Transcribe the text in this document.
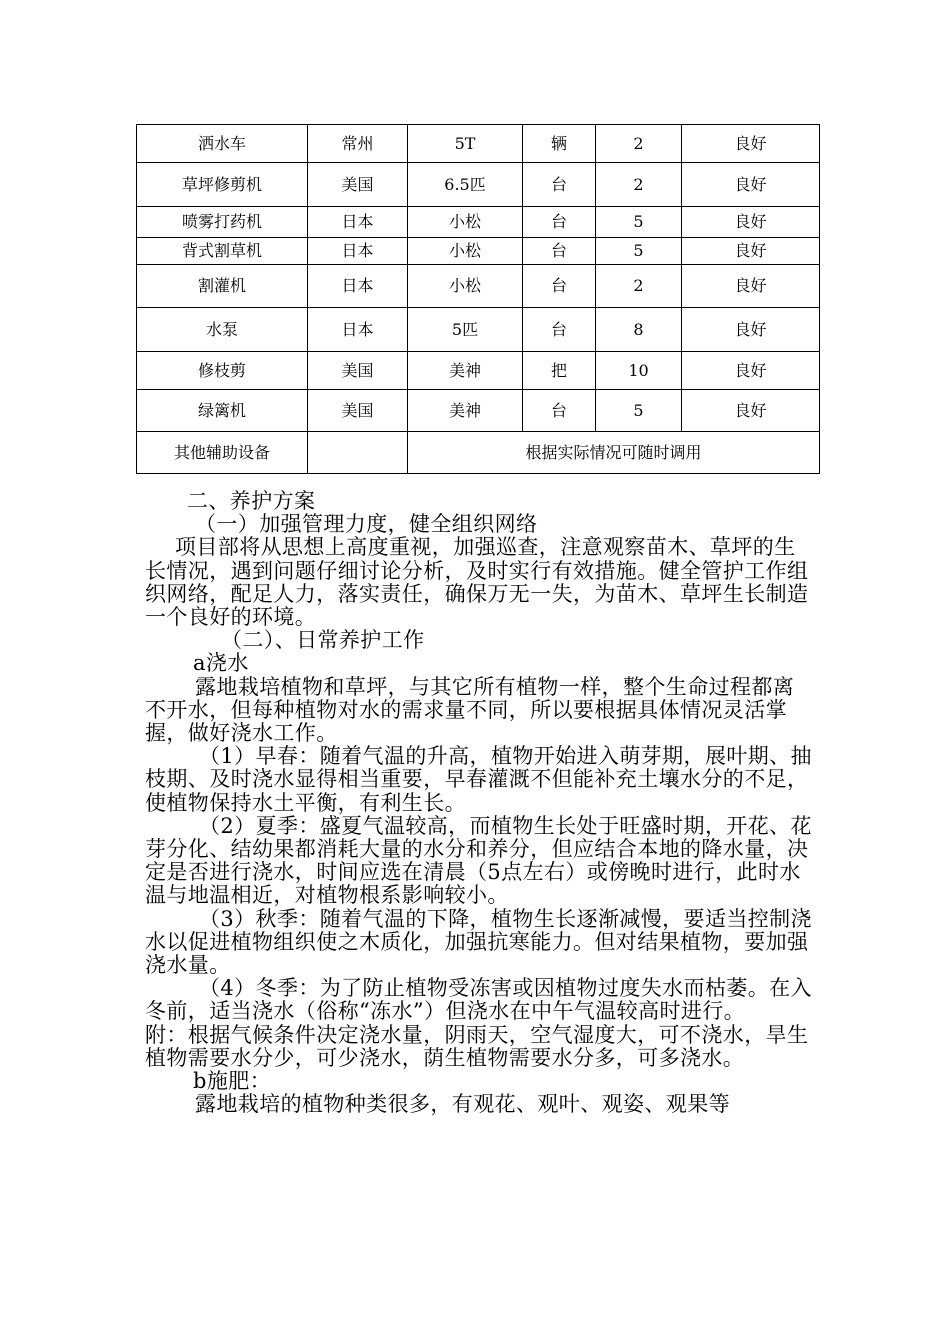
洒水车	常州	5T	辆	2	良好
草坪修剪机	美国	6.5匹	台	2	良好
喷雾打药机	日本	小松	台	5	良好
背式割草机	日本	小松	台	5	良好
割灌机	日本	小松	台	2	良好
水泵	日本	5匹	台	8	良好
修枝剪	美国	美神	把	10	良好
绿篱机	美国	美神	台	5	良好
其他辅助设备		根据实际情况可随时调用			

二、养护方案

（一）加强管理力度，健全组织网络

项目部将从思想上高度重视，加强巡查，注意观察苗木、草坪的生长情况，遇到问题仔细讨论分析，及时实行有效措施。健全管护工作组织网络，配足人力，落实责任，确保万无一失，为苗木、草坪生长制造一个良好的环境。

（二）、日常养护工作

a浇水

露地栽培植物和草坪，与其它所有植物一样，整个生命过程都离不开水，但每种植物对水的需求量不同，所以要根据具体情况灵活掌握，做好浇水工作。

（1）早春：随着气温的升高，植物开始进入萌芽期，展叶期、抽枝期、及时浇水显得相当重要，早春灌溉不但能补充土壤水分的不足，使植物保持水土平衡，有利生长。

（2）夏季：盛夏气温较高，而植物生长处于旺盛时期，开花、花芽分化、结幼果都消耗大量的水分和养分，但应结合本地的降水量，决定是否进行浇水，时间应选在清晨（5点左右）或傍晚时进行，此时水温与地温相近，对植物根系影响较小。

（3）秋季：随着气温的下降，植物生长逐渐减慢，要适当控制浇水以促进植物组织使之木质化，加强抗寒能力。但对结果植物，要加强浇水量。

（4）冬季：为了防止植物受冻害或因植物过度失水而枯萎。在入冬前，适当浇水（俗称“冻水”）但浇水在中午气温较高时进行。

附：根据气候条件决定浇水量，阴雨天，空气湿度大，可不浇水，旱生植物需要水分少，可少浇水，荫生植物需要水分多，可多浇水。

b施肥：

露地栽培的植物种类很多，有观花、观叶、观姿、观果等
